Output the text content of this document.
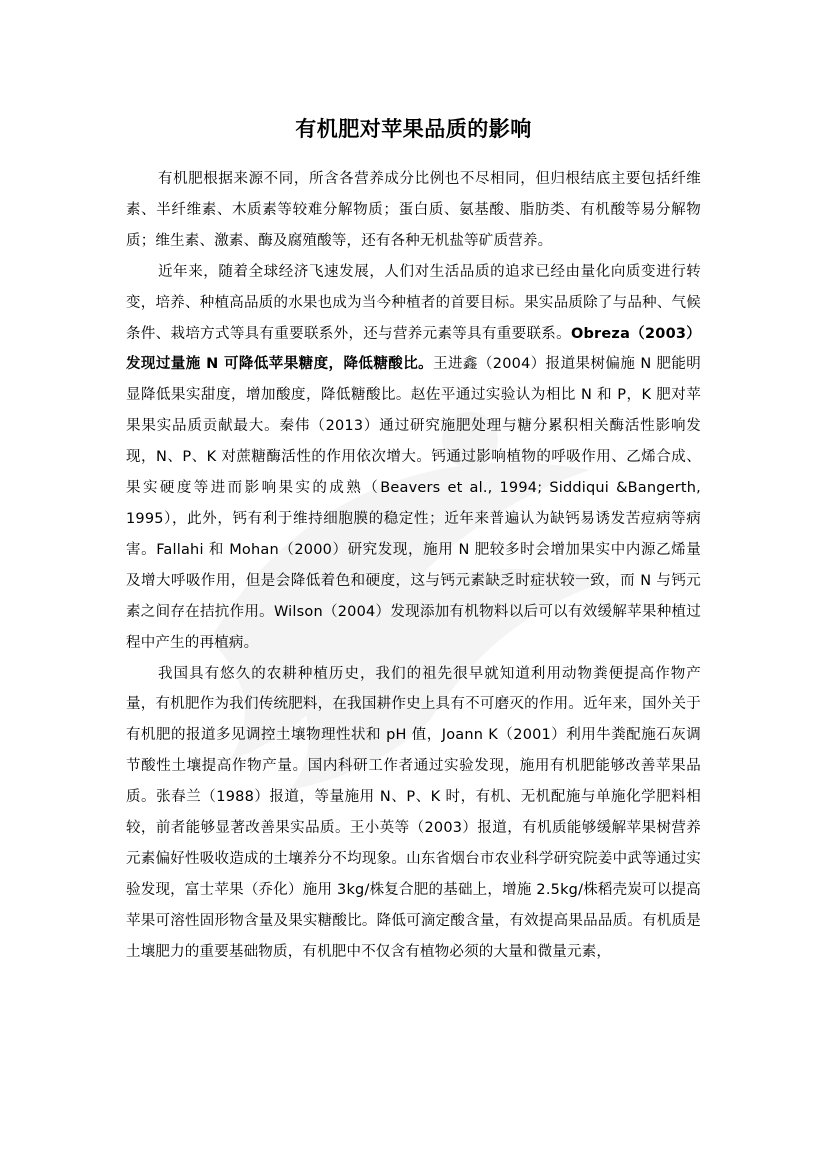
有机肥对苹果品质的影响

有机肥根据来源不同，所含各营养成分比例也不尽相同，但归根结底主要包括纤维素、半纤维素、木质素等较难分解物质；蛋白质、氨基酸、脂肪类、有机酸等易分解物质；维生素、激素、酶及腐殖酸等，还有各种无机盐等矿质营养。

近年来，随着全球经济飞速发展，人们对生活品质的追求已经由量化向质变进行转变，培养、种植高品质的水果也成为当今种植者的首要目标。果实品质除了与品种、气候条件、栽培方式等具有重要联系外，还与营养元素等具有重要联系。Obreza（2003）发现过量施 N 可降低苹果糖度，降低糖酸比。王进鑫（2004）报道果树偏施 N 肥能明显降低果实甜度，增加酸度，降低糖酸比。赵佐平通过实验认为相比 N 和 P，K 肥对苹果果实品质贡献最大。秦伟（2013）通过研究施肥处理与糖分累积相关酶活性影响发现，N、P、K 对蔗糖酶活性的作用依次增大。钙通过影响植物的呼吸作用、乙烯合成、果实硬度等进而影响果实的成熟（Beavers et al., 1994; Siddiqui &Bangerth, 1995），此外，钙有利于维持细胞膜的稳定性；近年来普遍认为缺钙易诱发苦痘病等病害。Fallahi 和 Mohan（2000）研究发现，施用 N 肥较多时会增加果实中内源乙烯量及增大呼吸作用，但是会降低着色和硬度，这与钙元素缺乏时症状较一致，而 N 与钙元素之间存在拮抗作用。Wilson（2004）发现添加有机物料以后可以有效缓解苹果种植过程中产生的再植病。

我国具有悠久的农耕种植历史，我们的祖先很早就知道利用动物粪便提高作物产量，有机肥作为我们传统肥料，在我国耕作史上具有不可磨灭的作用。近年来，国外关于有机肥的报道多见调控土壤物理性状和 pH 值，Joann K（2001）利用牛粪配施石灰调节酸性土壤提高作物产量。国内科研工作者通过实验发现，施用有机肥能够改善苹果品质。张春兰（1988）报道，等量施用 N、P、K 时，有机、无机配施与单施化学肥料相较，前者能够显著改善果实品质。王小英等（2003）报道，有机质能够缓解苹果树营养元素偏好性吸收造成的土壤养分不均现象。山东省烟台市农业科学研究院姜中武等通过实验发现，富士苹果（乔化）施用 3kg/株复合肥的基础上，增施 2.5kg/株稻壳炭可以提高苹果可溶性固形物含量及果实糖酸比。降低可滴定酸含量，有效提高果品品质。有机质是土壤肥力的重要基础物质，有机肥中不仅含有植物必须的大量和微量元素，
